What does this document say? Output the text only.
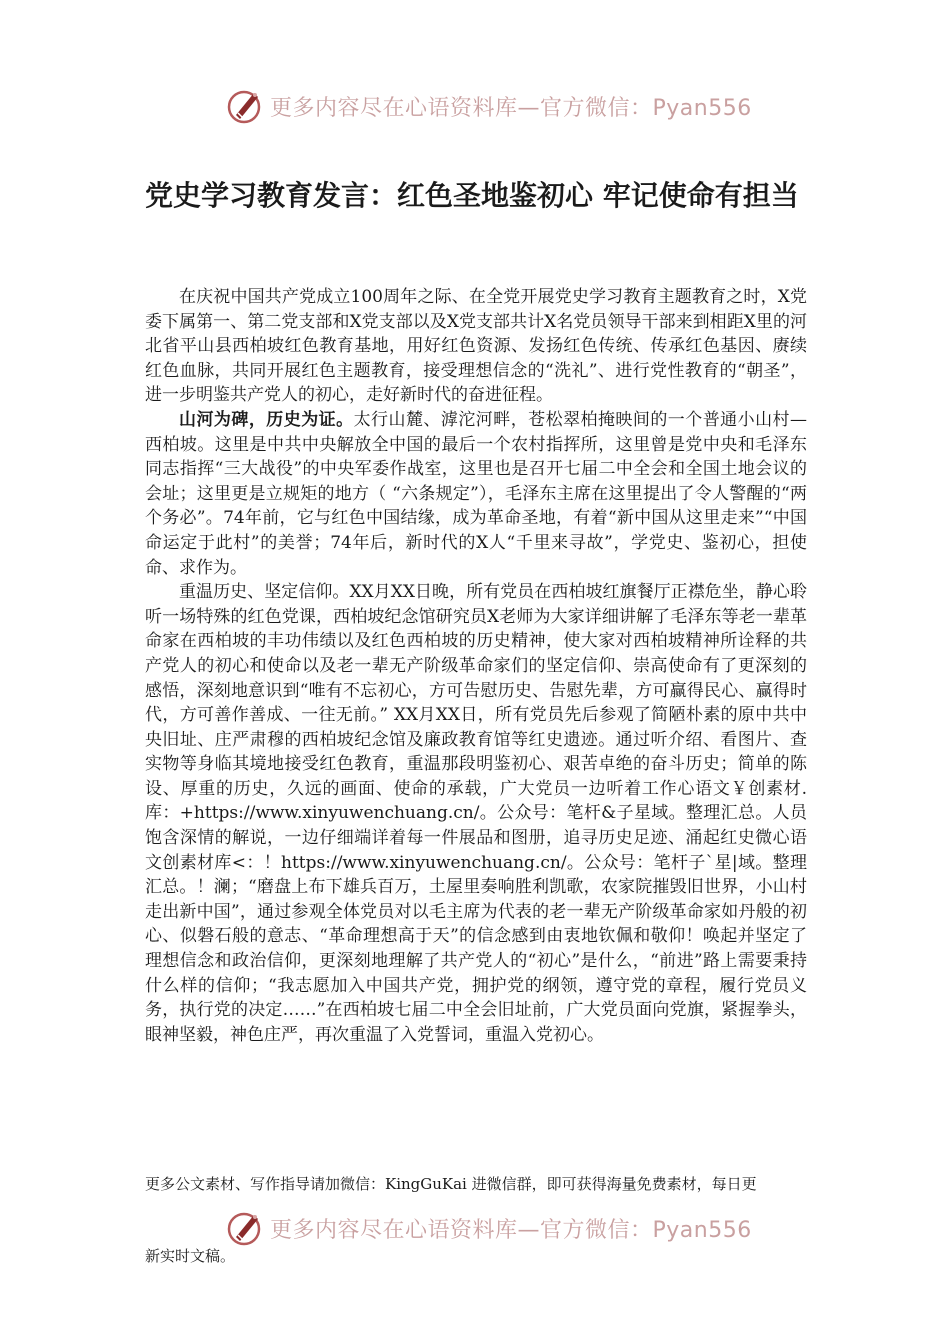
更多内容尽在心语资料库—官方微信：Pyan556
党史学习教育发言：红色圣地鉴初心 牢记使命有担当

在庆祝中国共产党成立100周年之际、在全党开展党史学习教育主题教育之时，X党委下属第一、第二党支部和X党支部以及X党支部共计X名党员领导干部来到相距X里的河北省平山县西柏坡红色教育基地，用好红色资源、发扬红色传统、传承红色基因、赓续红色血脉，共同开展红色主题教育，接受理想信念的“洗礼”、进行党性教育的“朝圣”，进一步明鉴共产党人的初心，走好新时代的奋进征程。

山河为碑，历史为证。太行山麓、滹沱河畔，苍松翠柏掩映间的一个普通小山村—西柏坡。这里是中共中央解放全中国的最后一个农村指挥所，这里曾是党中央和毛泽东同志指挥“三大战役”的中央军委作战室，这里也是召开七届二中全会和全国土地会议的会址；这里更是立规矩的地方（ “六条规定”），毛泽东主席在这里提出了令人警醒的“两个务必”。74年前，它与红色中国结缘，成为革命圣地，有着“新中国从这里走来”“中国命运定于此村”的美誉；74年后，新时代的X人“千里来寻故”，学党史、鉴初心，担使命、求作为。

重温历史、坚定信仰。XX月XX日晚，所有党员在西柏坡红旗餐厅正襟危坐，静心聆听一场特殊的红色党课，西柏坡纪念馆研究员X老师为大家详细讲解了毛泽东等老一辈革命家在西柏坡的丰功伟绩以及红色西柏坡的历史精神，使大家对西柏坡精神所诠释的共产党人的初心和使命以及老一辈无产阶级革命家们的坚定信仰、崇高使命有了更深刻的感悟，深刻地意识到“唯有不忘初心，方可告慰历史、告慰先辈，方可赢得民心、赢得时代，方可善作善成、一往无前。” XX月XX日，所有党员先后参观了简陋朴素的原中共中央旧址、庄严肃穆的西柏坡纪念馆及廉政教育馆等红史遗迹。通过听介绍、看图片、查实物等身临其境地接受红色教育，重温那段明鉴初心、艰苦卓绝的奋斗历史；简单的陈设、厚重的历史，久远的画面、使命的承载，广大党员一边听着工作心语文￥创素材.库：+https://www.xinyuwenchuang.cn/。公众号：笔杆&子星域。整理汇总。人员饱含深情的解说，一边仔细端详着每一件展品和图册，追寻历史足迹、涌起红史微心语文创素材库<：！https://www.xinyuwenchuang.cn/。公众号：笔杆子`星|域。整理汇总。！澜；“磨盘上布下雄兵百万，土屋里奏响胜利凯歌，农家院摧毁旧世界，小山村走出新中国”，通过参观全体党员对以毛主席为代表的老一辈无产阶级革命家如丹般的初心、似磐石般的意志、“革命理想高于天”的信念感到由衷地钦佩和敬仰！唤起并坚定了理想信念和政治信仰，更深刻地理解了共产党人的“初心”是什么，“前进”路上需要秉持什么样的信仰；“我志愿加入中国共产党，拥护党的纲领，遵守党的章程，履行党员义务，执行党的决定……”在西柏坡七届二中全会旧址前，广大党员面向党旗，紧握拳头，眼神坚毅，神色庄严，再次重温了入党誓词，重温入党初心。

更多公文素材、写作指导请加微信：KingGuKai 进微信群，即可获得海量免费素材，每日更

更多内容尽在心语资料库—官方微信：Pyan556

新实时文稿。
